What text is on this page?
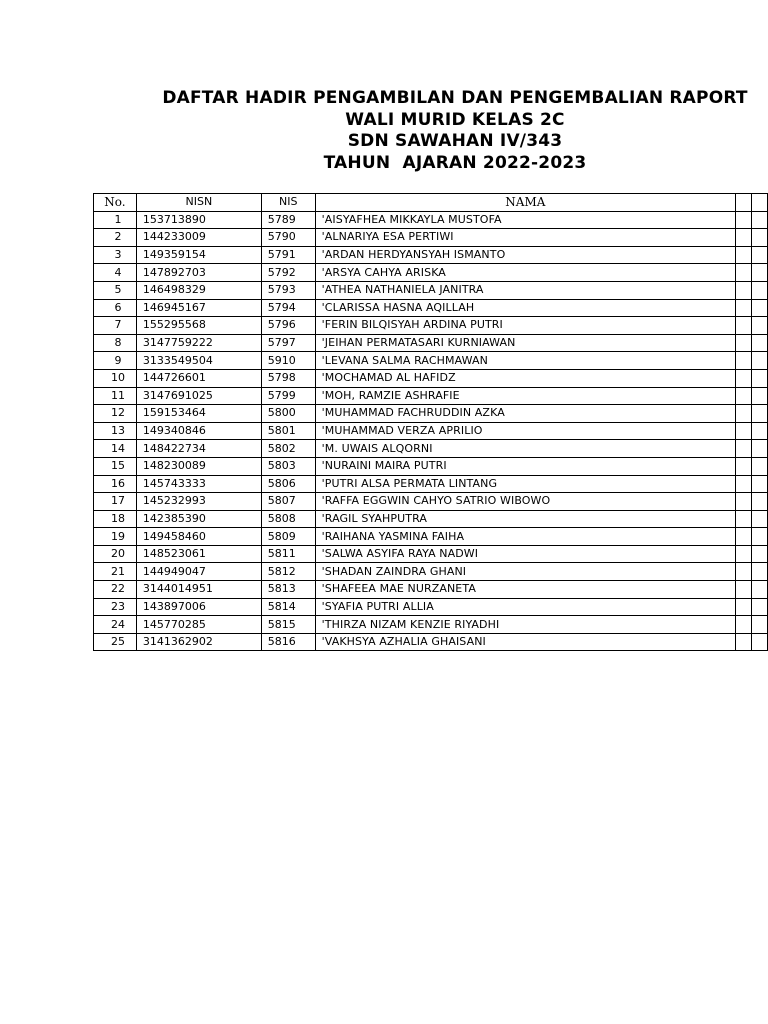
DAFTAR HADIR PENGAMBILAN DAN PENGEMBALIAN RAPORT
WALI MURID KELAS 2C
SDN SAWAHAN IV/343
TAHUN  AJARAN 2022-2023
No.	NISN	NIS	NAMA		
1	153713890	5789	'AISYAFHEA MIKKAYLA MUSTOFA		
2	144233009	5790	'ALNARIYA ESA PERTIWI		
3	149359154	5791	'ARDAN HERDYANSYAH ISMANTO		
4	147892703	5792	'ARSYA CAHYA ARISKA		
5	146498329	5793	'ATHEA NATHANIELA JANITRA		
6	146945167	5794	'CLARISSA HASNA AQILLAH		
7	155295568	5796	'FERIN BILQISYAH ARDINA PUTRI		
8	3147759222	5797	'JEIHAN PERMATASARI KURNIAWAN		
9	3133549504	5910	'LEVANA SALMA RACHMAWAN		
10	144726601	5798	'MOCHAMAD AL HAFIDZ		
11	3147691025	5799	'MOH, RAMZIE ASHRAFIE		
12	159153464	5800	'MUHAMMAD FACHRUDDIN AZKA		
13	149340846	5801	'MUHAMMAD VERZA APRILIO		
14	148422734	5802	'M. UWAIS ALQORNI		
15	148230089	5803	'NURAINI MAIRA PUTRI		
16	145743333	5806	'PUTRI ALSA PERMATA LINTANG		
17	145232993	5807	'RAFFA EGGWIN CAHYO SATRIO WIBOWO		
18	142385390	5808	'RAGIL SYAHPUTRA		
19	149458460	5809	'RAIHANA YASMINA FAIHA		
20	148523061	5811	'SALWA ASYIFA RAYA NADWI		
21	144949047	5812	'SHADAN ZAINDRA GHANI		
22	3144014951	5813	'SHAFEEA MAE NURZANETA		
23	143897006	5814	'SYAFIA PUTRI ALLIA		
24	145770285	5815	'THIRZA NIZAM KENZIE RIYADHI		
25	3141362902	5816	'VAKHSYA AZHALIA GHAISANI		
